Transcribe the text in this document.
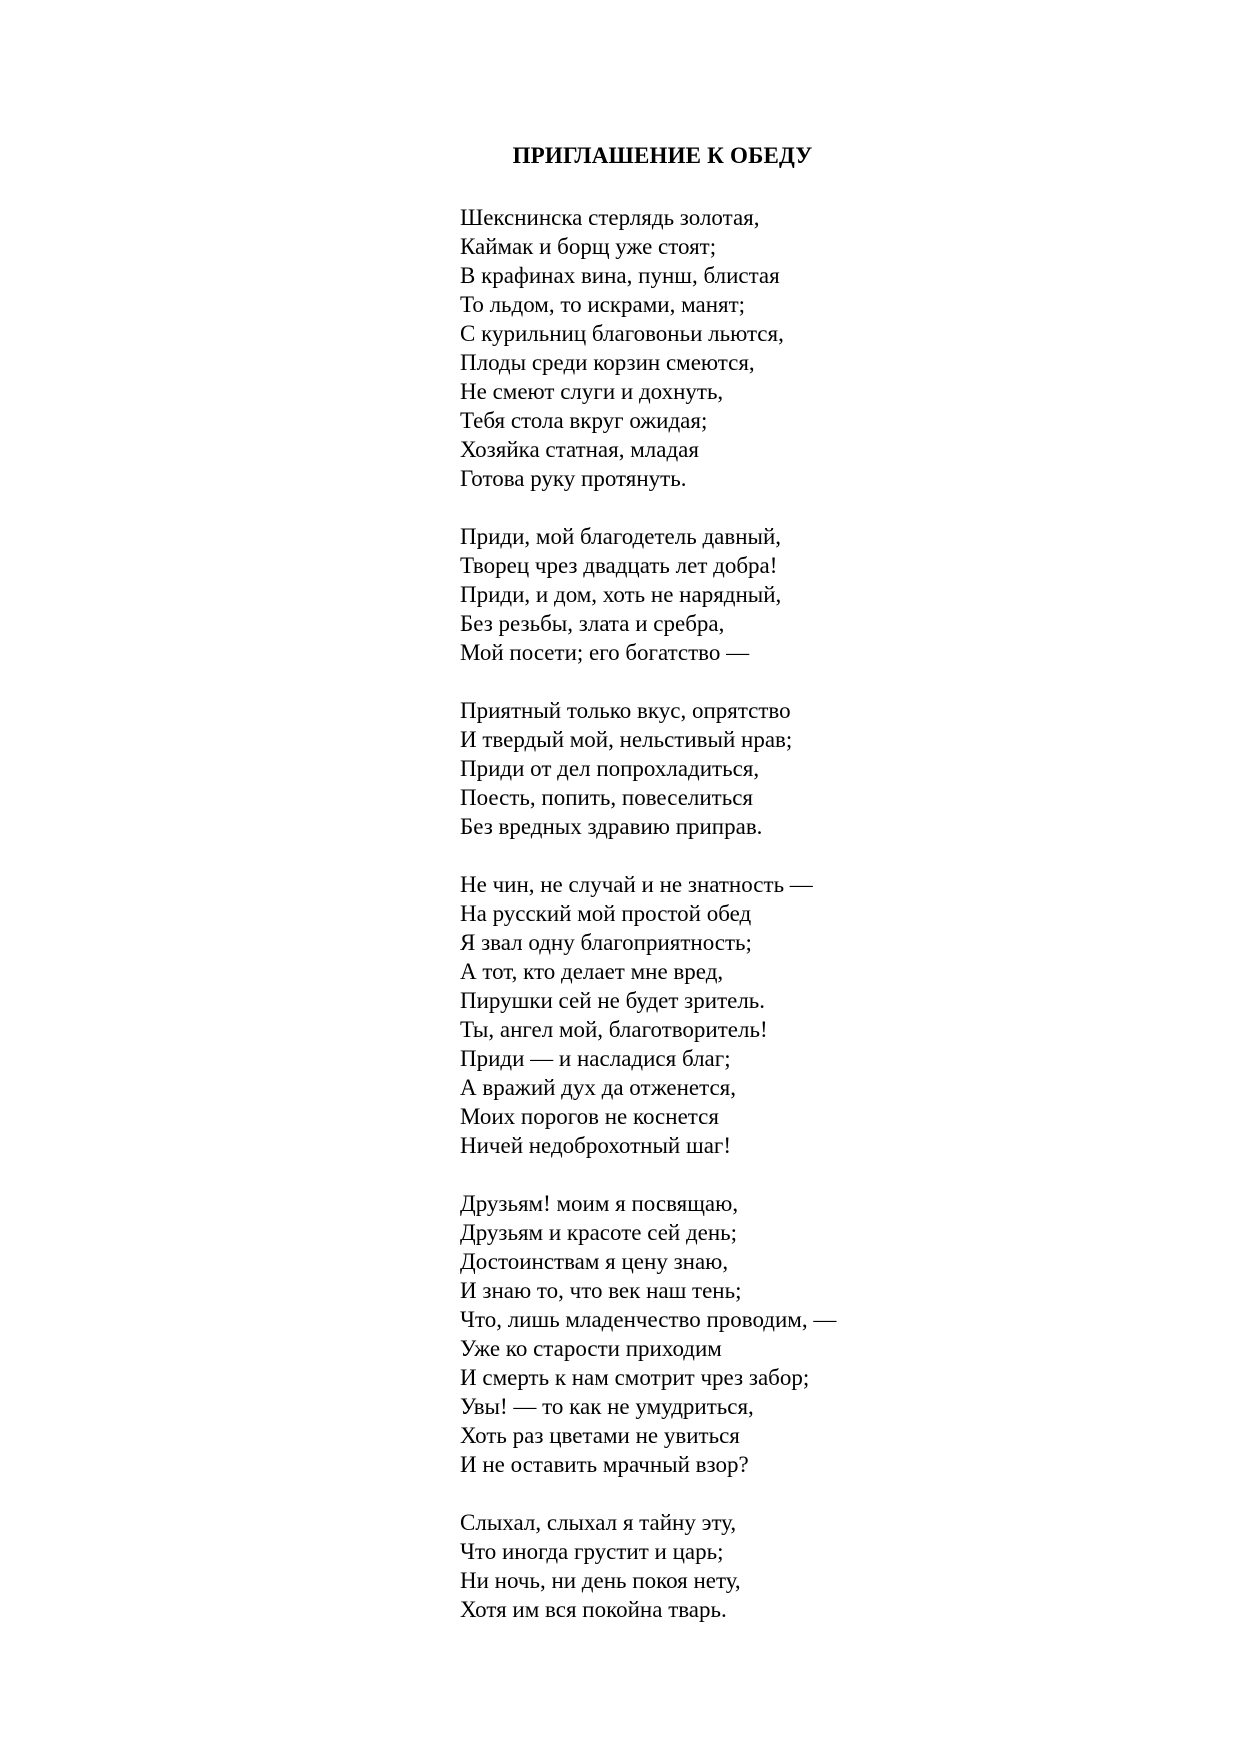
ПРИГЛАШЕНИЕ К ОБЕДУ
Шекснинска стерлядь золотая,
Каймак и борщ уже стоят;
В крафинах вина, пунш, блистая
То льдом, то искрами, манят;
С курильниц благовоньи льются,
Плоды среди корзин смеются,
Не смеют слуги и дохнуть,
Тебя стола вкруг ожидая;
Хозяйка статная, младая
Готова руку протянуть.
Приди, мой благодетель давный,
Творец чрез двадцать лет добра!
Приди, и дом, хоть не нарядный,
Без резьбы, злата и сребра,
Мой посети; его богатство —
Приятный только вкус, опрятство
И твердый мой, нельстивый нрав;
Приди от дел попрохладиться,
Поесть, попить, повеселиться
Без вредных здравию приправ.
Не чин, не случай и не знатность —
На русский мой простой обед
Я звал одну благоприятность;
А тот, кто делает мне вред,
Пирушки сей не будет зритель.
Ты, ангел мой, благотворитель!
Приди — и насладися благ;
А вражий дух да отженется,
Моих порогов не коснется
Ничей недоброхотный шаг!
Друзьям! моим я посвящаю,
Друзьям и красоте сей день;
Достоинствам я цену знаю,
И знаю то, что век наш тень;
Что, лишь младенчество проводим, —
Уже ко старости приходим
И смерть к нам смотрит чрез забор;
Увы! — то как не умудриться,
Хоть раз цветами не увиться
И не оставить мрачный взор?
Слыхал, слыхал я тайну эту,
Что иногда грустит и царь;
Ни ночь, ни день покоя нету,
Хотя им вся покойна тварь.
